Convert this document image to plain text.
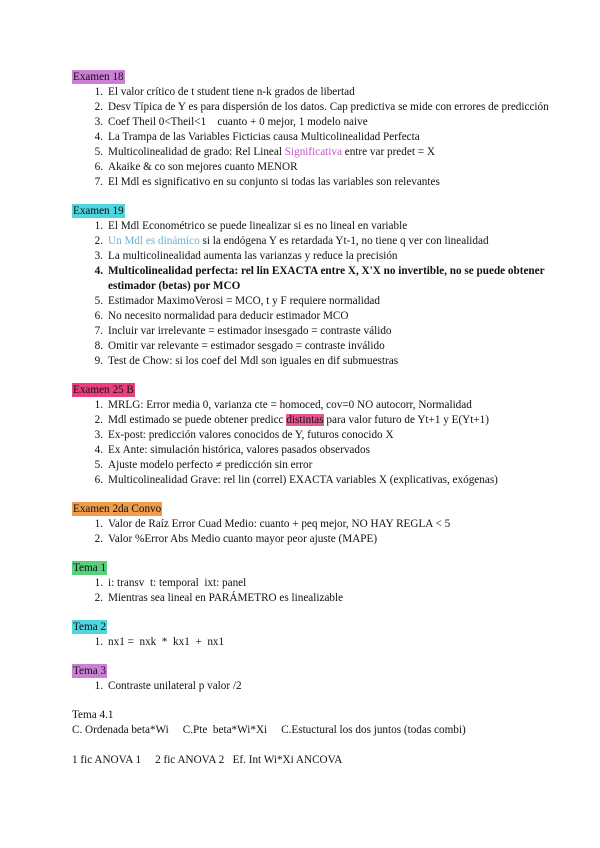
Examen 18
1. El valor crítico de t student tiene n-k grados de libertad
2. Desv Típica de Y es para dispersión de los datos. Cap predictiva se mide con errores de predicción
3. Coef Theil 0<Theil<1    cuanto + 0 mejor, 1 modelo naive
4. La Trampa de las Variables Ficticias causa Multicolinealidad Perfecta
5. Multicolinealidad de grado: Rel Lineal Significativa entre var predet = X
6. Akaike & co son mejores cuanto MENOR
7. El Mdl es significativo en su conjunto si todas las variables son relevantes
Examen 19
1. El Mdl Econométrico se puede linealizar si es no lineal en variable
2. Un Mdl es dinámico si la endógena Y es retardada Yt-1, no tiene q ver con linealidad
3. La multicolinealidad aumenta las varianzas y reduce la precisión
4. Multicolinealidad perfecta: rel lin EXACTA entre X, X'X no invertible, no se puede obtener estimador (betas) por MCO
5. Estimador MaximoVerosi = MCO, t y F requiere normalidad
6. No necesito normalidad para deducir estimador MCO
7. Incluir var irrelevante = estimador insesgado = contraste válido
8. Omitir var relevante = estimador sesgado = contraste inválido
9. Test de Chow: si los coef del Mdl son iguales en dif submuestras
Examen 25 B
1. MRLG: Error media 0, varianza cte = homoced, cov=0 NO autocorr, Normalidad
2. Mdl estimado se puede obtener predicc distintas para valor futuro de Yt+1 y E(Yt+1)
3. Ex-post: predicción valores conocidos de Y, futuros conocido X
4. Ex Ante: simulación histórica, valores pasados observados
5. Ajuste modelo perfecto ≠ predicción sin error
6. Multicolinealidad Grave: rel lin (correl) EXACTA variables X (explicativas, exógenas)
Examen 2da Convo
1. Valor de Raíz Error Cuad Medio: cuanto + peq mejor, NO HAY REGLA < 5
2. Valor %Error Abs Medio cuanto mayor peor ajuste (MAPE)
Tema 1
1. i: transv  t: temporal  ixt: panel
2. Mientras sea lineal en PARÁMETRO es linealizable
Tema 2
1. nx1 =  nxk  *  kx1  +  nx1
Tema 3
1. Contraste unilateral p valor /2

Tema 4.1

C. Ordenada beta*Wi     C.Pte  beta*Wi*Xi     C.Estuctural los dos juntos (todas combi)

1 fic ANOVA 1     2 fic ANOVA 2   Ef. Int Wi*Xi ANCOVA
